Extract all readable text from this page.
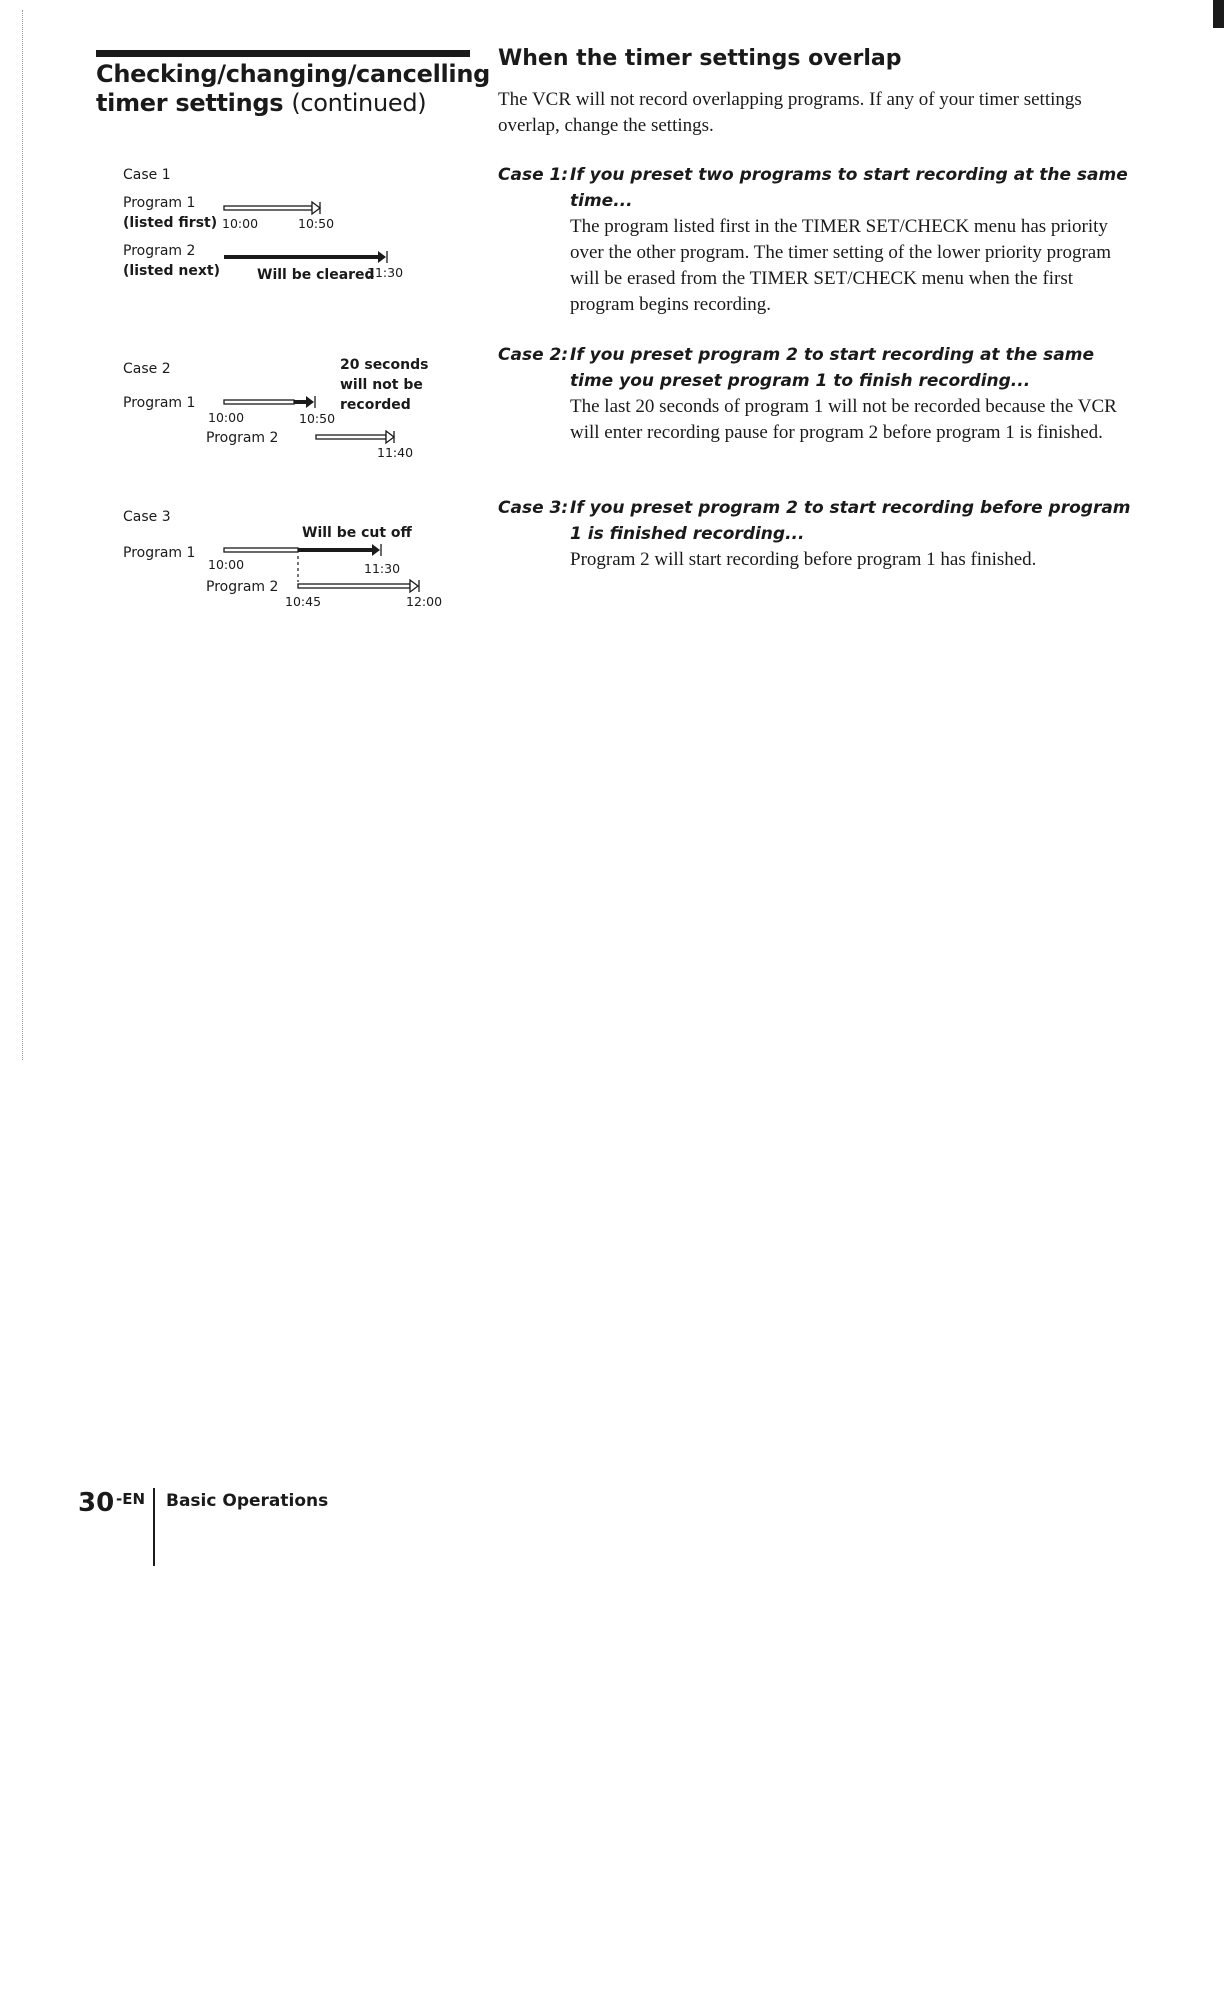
Checking/changing/cancelling timer settings (continued)
Case 1
Program 1
(listed first) 10:00	10:50
Program 2
(listed next)	Will be cleared
11:30
Case 2	20 seconds
will not be
recorded
Program 1
10:00	10:50
Program 2
11:40
Case 3
Will be cut off
Program 1
10:00	11:30
Program 2
10:45	12:00
When the timer settings overlap
The VCR will not record overlapping programs. If any of your timer settings overlap, change the settings.
Case 1: If you preset two programs to start recording at the same time...
The program listed first in the TIMER SET/CHECK menu has priority over the other program. The timer setting of the lower priority program will be erased from the TIMER SET/CHECK menu when the first program begins recording.
Case 2: If you preset program 2 to start recording at the same time you preset program 1 to finish recording...
The last 20 seconds of program 1 will not be recorded because the VCR will enter recording pause for program 2 before program 1 is finished.
Case 3: If you preset program 2 to start recording before program 1 is finished recording...
Program 2 will start recording before program 1 has finished.
30 -EN Basic Operations
